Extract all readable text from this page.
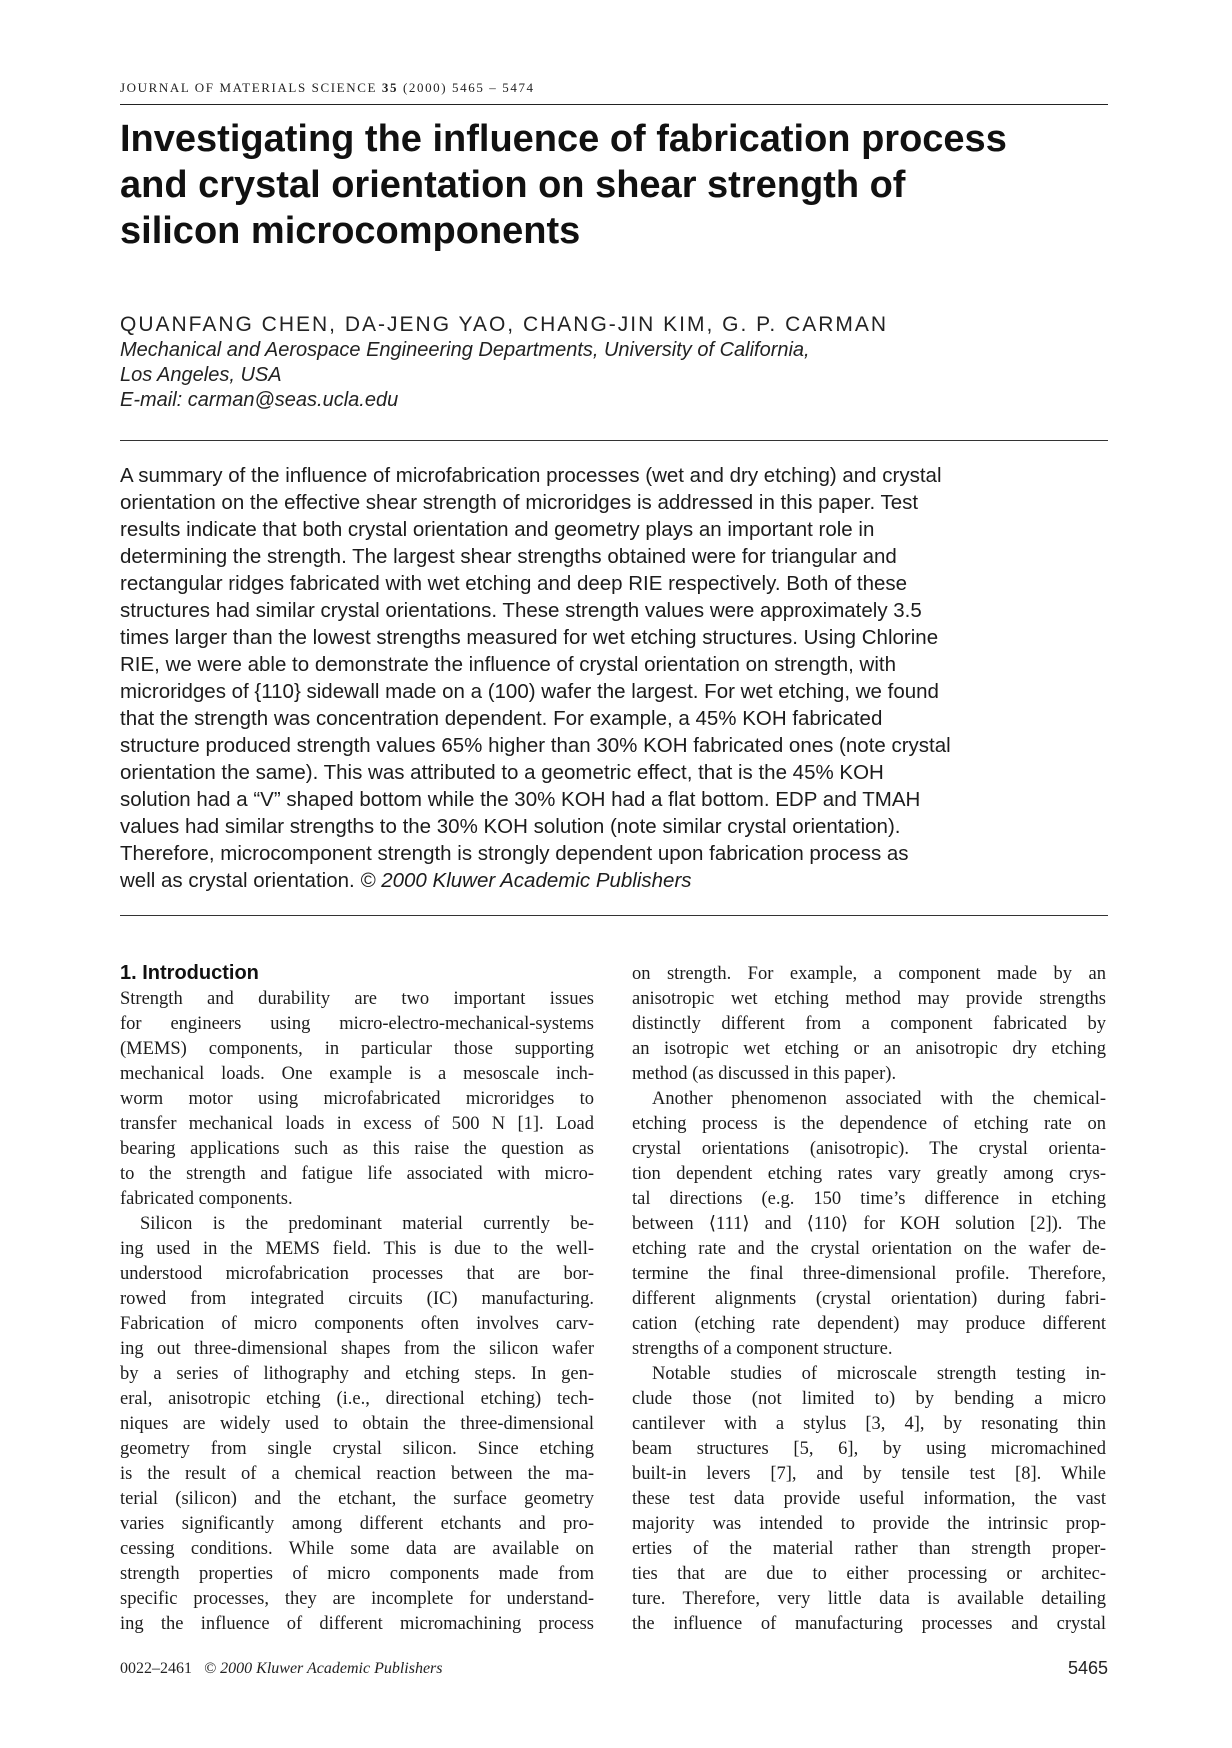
JOURNAL OF MATERIALS SCIENCE 35 (2000) 5465 – 5474
Investigating the influence of fabrication process
and crystal orientation on shear strength of
silicon microcomponents
QUANFANG CHEN, DA-JENG YAO, CHANG-JIN KIM, G. P. CARMAN
Mechanical and Aerospace Engineering Departments, University of California,
Los Angeles, USA
E-mail: carman@seas.ucla.edu
A summary of the influence of microfabrication processes (wet and dry etching) and crystal
orientation on the effective shear strength of microridges is addressed in this paper. Test
results indicate that both crystal orientation and geometry plays an important role in
determining the strength. The largest shear strengths obtained were for triangular and
rectangular ridges fabricated with wet etching and deep RIE respectively. Both of these
structures had similar crystal orientations. These strength values were approximately 3.5
times larger than the lowest strengths measured for wet etching structures. Using Chlorine
RIE, we were able to demonstrate the influence of crystal orientation on strength, with
microridges of {110} sidewall made on a (100) wafer the largest. For wet etching, we found
that the strength was concentration dependent. For example, a 45% KOH fabricated
structure produced strength values 65% higher than 30% KOH fabricated ones (note crystal
orientation the same). This was attributed to a geometric effect, that is the 45% KOH
solution had a “V” shaped bottom while the 30% KOH had a flat bottom. EDP and TMAH
values had similar strengths to the 30% KOH solution (note similar crystal orientation).
Therefore, microcomponent strength is strongly dependent upon fabrication process as
well as crystal orientation. © 2000 Kluwer Academic Publishers
1. Introduction
Strength and durability are two important issues
for engineers using micro-electro-mechanical-systems
(MEMS) components, in particular those supporting
mechanical loads. One example is a mesoscale inch-
worm motor using microfabricated microridges to
transfer mechanical loads in excess of 500 N [1]. Load
bearing applications such as this raise the question as
to the strength and fatigue life associated with micro-
fabricated components.
Silicon is the predominant material currently be-
ing used in the MEMS field. This is due to the well-
understood microfabrication processes that are bor-
rowed from integrated circuits (IC) manufacturing.
Fabrication of micro components often involves carv-
ing out three-dimensional shapes from the silicon wafer
by a series of lithography and etching steps. In gen-
eral, anisotropic etching (i.e., directional etching) tech-
niques are widely used to obtain the three-dimensional
geometry from single crystal silicon. Since etching
is the result of a chemical reaction between the ma-
terial (silicon) and the etchant, the surface geometry
varies significantly among different etchants and pro-
cessing conditions. While some data are available on
strength properties of micro components made from
specific processes, they are incomplete for understand-
ing the influence of different micromachining process
on strength. For example, a component made by an
anisotropic wet etching method may provide strengths
distinctly different from a component fabricated by
an isotropic wet etching or an anisotropic dry etching
method (as discussed in this paper).
Another phenomenon associated with the chemical-
etching process is the dependence of etching rate on
crystal orientations (anisotropic). The crystal orienta-
tion dependent etching rates vary greatly among crys-
tal directions (e.g. 150 time’s difference in etching
between ⟨111⟩ and ⟨110⟩ for KOH solution [2]). The
etching rate and the crystal orientation on the wafer de-
termine the final three-dimensional profile. Therefore,
different alignments (crystal orientation) during fabri-
cation (etching rate dependent) may produce different
strengths of a component structure.
Notable studies of microscale strength testing in-
clude those (not limited to) by bending a micro
cantilever with a stylus [3, 4], by resonating thin
beam structures [5, 6], by using micromachined
built-in levers [7], and by tensile test [8]. While
these test data provide useful information, the vast
majority was intended to provide the intrinsic prop-
erties of the material rather than strength proper-
ties that are due to either processing or architec-
ture. Therefore, very little data is available detailing
the influence of manufacturing processes and crystal
0022–2461 © 2000 Kluwer Academic Publishers	5465
